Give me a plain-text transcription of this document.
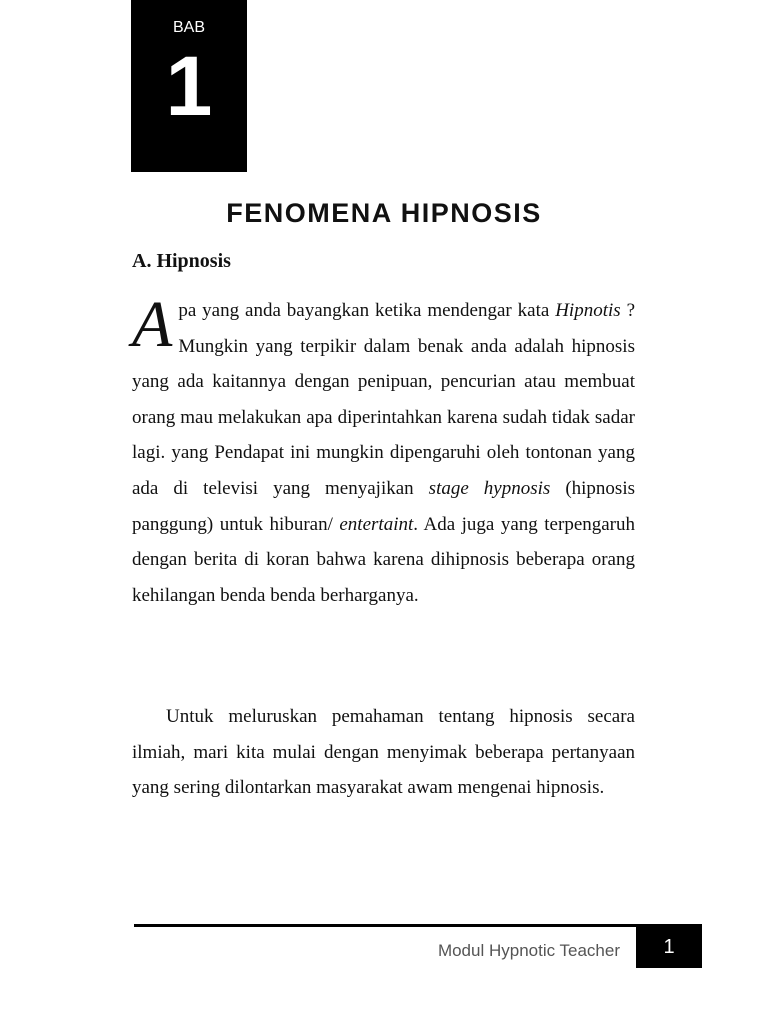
BAB
1
FENOMENA HIPNOSIS
A. Hipnosis
Apa yang anda bayangkan ketika mendengar kata Hipnotis ? Mungkin yang terpikir dalam benak anda adalah hipnosis yang ada kaitannya dengan penipuan, pencurian atau membuat orang mau melakukan apa diperintahkan karena sudah tidak sadar lagi. yang Pendapat ini mungkin dipengaruhi oleh tontonan yang ada di televisi yang menyajikan stage hypnosis (hipnosis panggung) untuk hiburan/ entertaint. Ada juga yang terpengaruh dengan berita di koran bahwa karena dihipnosis beberapa orang kehilangan benda benda berharganya.
Untuk meluruskan pemahaman tentang hipnosis secara ilmiah, mari kita mulai dengan menyimak beberapa pertanyaan yang sering dilontarkan masyarakat awam mengenai hipnosis.
Modul Hypnotic Teacher	1
